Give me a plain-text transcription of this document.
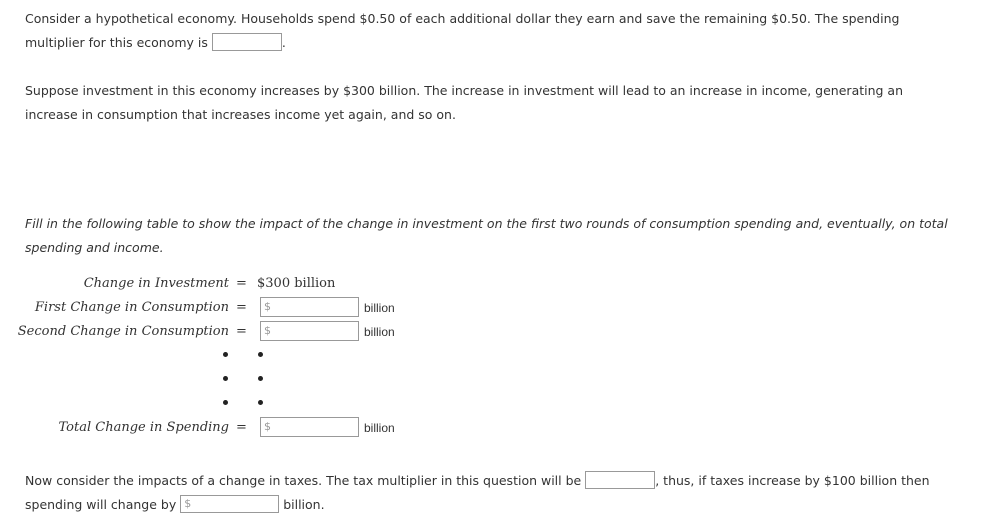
Consider a hypothetical economy. Households spend $0.50 of each additional dollar they earn and save the remaining $0.50. The spending multiplier for this economy is	.

Suppose investment in this economy increases by $300 billion. The increase in investment will lead to an increase in income, generating an increase in consumption that increases income yet again, and so on.

Fill in the following table to show the impact of the change in investment on the first two rounds of consumption spending and, eventually, on total spending and income.

Change in Investment = $300 billion
First Change in Consumption = $	billion
Second Change in Consumption = $	billion
Total Change in Spending = $	billion

Now consider the impacts of a change in taxes. The tax multiplier in this question will be	, thus, if taxes increase by $100 billion then spending will change by $	billion.
